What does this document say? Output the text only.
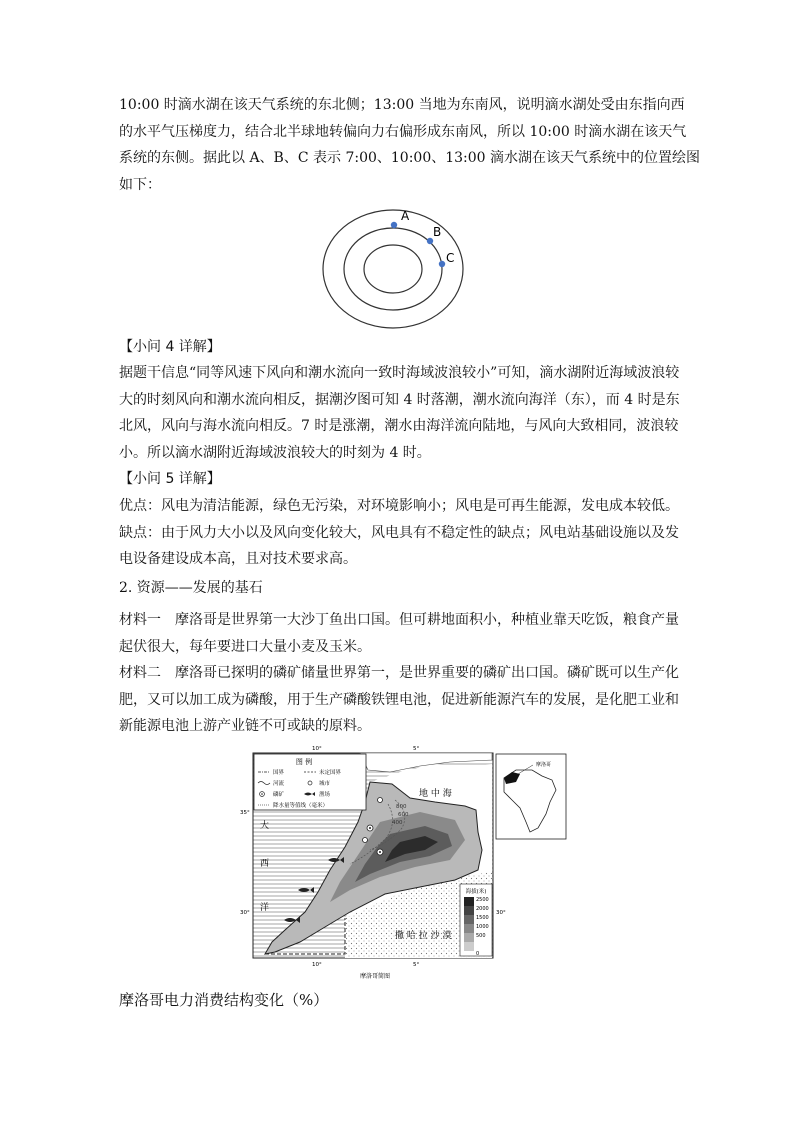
10:00 时滴水湖在该天气系统的东北侧；13:00 当地为东南风，说明滴水湖处受由东指向西
的水平气压梯度力，结合北半球地转偏向力右偏形成东南风，所以 10:00 时滴水湖在该天气
系统的东侧。据此以 A、B、C 表示 7:00、10:00、13:00 滴水湖在该天气系统中的位置绘图
如下：
A
B
C
【小问 4 详解】
据题干信息“同等风速下风向和潮水流向一致时海域波浪较小”可知，滴水湖附近海域波浪较
大的时刻风向和潮水流向相反，据潮汐图可知 4 时落潮，潮水流向海洋（东），而 4 时是东
北风，风向与海水流向相反。7 时是涨潮，潮水由海洋流向陆地，与风向大致相同，波浪较
小。所以滴水湖附近海域波浪较大的时刻为 4 时。
【小问 5 详解】
优点：风电为清洁能源，绿色无污染，对环境影响小；风电是可再生能源，发电成本较低。
缺点：由于风力大小以及风向变化较大，风电具有不稳定性的缺点；风电站基础设施以及发
电设备建设成本高，且对技术要求高。
2. 资源——发展的基石
材料一　摩洛哥是世界第一大沙丁鱼出口国。但可耕地面积小，种植业靠天吃饭，粮食产量
起伏很大，每年要进口大量小麦及玉米。
材料二　摩洛哥已探明的磷矿储量世界第一，是世界重要的磷矿出口国。磷矿既可以生产化
肥，又可以加工成为磷酸，用于生产磷酸铁锂电池，促进新能源汽车的发展，是化肥工业和
新能源电池上游产业链不可或缺的原料。
800
600
400
图 例
国界	未定国界
河流	城市
磷矿	渔场
降水量等值线（毫米）
地 中 海
大
西
洋
撒 哈 拉 沙 漠
10°	5°
10°	5°
35°
30°	30°
摩洛哥简图
海拔(米)
2500
2000
1500
1000
500
0
摩洛哥
摩洛哥电力消费结构变化（%）
